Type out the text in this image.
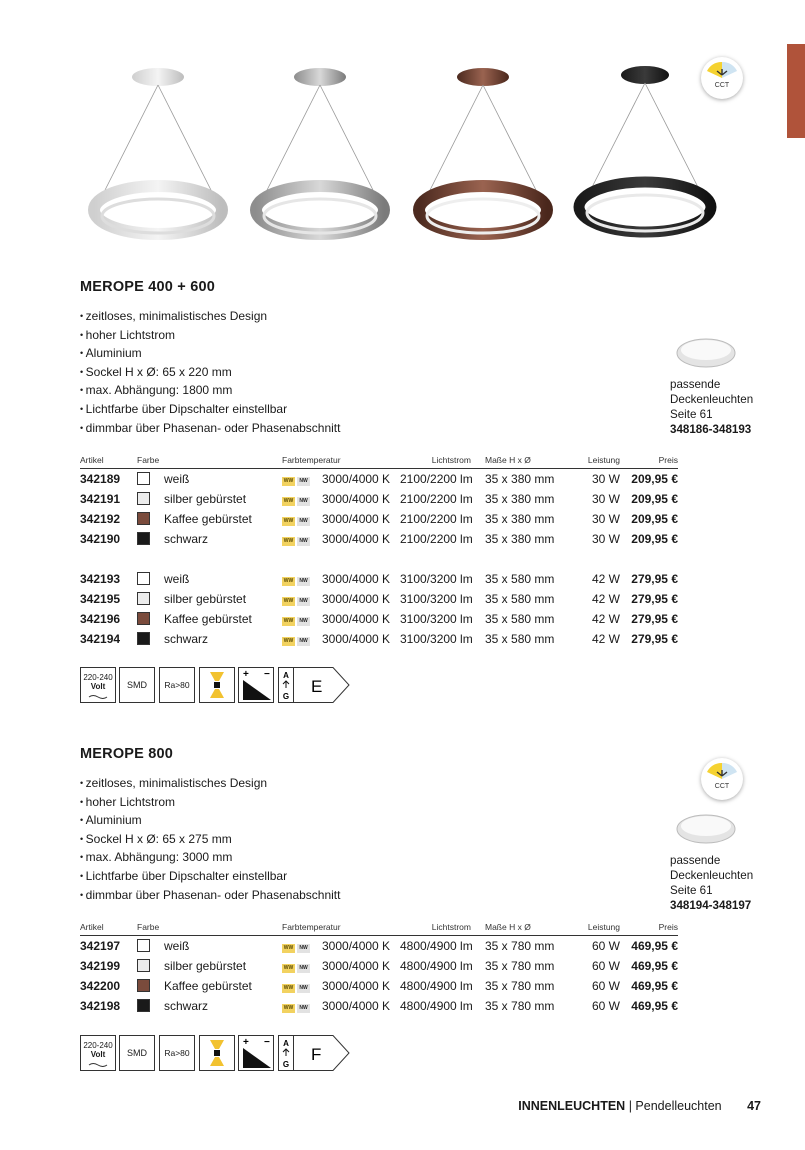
CCT
MEROPE 400 + 600
• zeitloses, minimalistisches Design
• hoher Lichtstrom
• Aluminium
• Sockel H x Ø: 65 x 220 mm
• max. Abhängung: 1800 mm
• Lichtfarbe über Dipschalter einstellbar
• dimmbar über Phasenan- oder Phasenabschnitt
passende
Deckenleuchten
Seite 61
348186-348193
Artikel	Farbe		Farbtemperatur		Lichtstrom	Maße H x Ø	Leistung	Preis
342189		weiß	WW NW	3000/4000 K	2100/2200 lm	35 x 380 mm	30 W	209,95 €
342191		silber gebürstet	WW NW	3000/4000 K	2100/2200 lm	35 x 380 mm	30 W	209,95 €
342192		Kaffee gebürstet	WW NW	3000/4000 K	2100/2200 lm	35 x 380 mm	30 W	209,95 €
342190		schwarz	WW NW	3000/4000 K	2100/2200 lm	35 x 380 mm	30 W	209,95 €

342193		weiß	WW NW	3000/4000 K	3100/3200 lm	35 x 580 mm	42 W	279,95 €
342195		silber gebürstet	WW NW	3000/4000 K	3100/3200 lm	35 x 580 mm	42 W	279,95 €
342196		Kaffee gebürstet	WW NW	3000/4000 K	3100/3200 lm	35 x 580 mm	42 W	279,95 €
342194		schwarz	WW NW	3000/4000 K	3100/3200 lm	35 x 580 mm	42 W	279,95 €
220-240
Volt	SMD	Ra>80
+ − A
G
E
MEROPE 800
CCT
• zeitloses, minimalistisches Design
• hoher Lichtstrom
• Aluminium
• Sockel H x Ø: 65 x 275 mm
• max. Abhängung: 3000 mm
• Lichtfarbe über Dipschalter einstellbar
• dimmbar über Phasenan- oder Phasenabschnitt
passende
Deckenleuchten
Seite 61
348194-348197
Artikel	Farbe		Farbtemperatur		Lichtstrom	Maße H x Ø	Leistung	Preis
342197		weiß	WW NW	3000/4000 K	4800/4900 lm	35 x 780 mm	60 W	469,95 €
342199		silber gebürstet	WW NW	3000/4000 K	4800/4900 lm	35 x 780 mm	60 W	469,95 €
342200		Kaffee gebürstet	WW NW	3000/4000 K	4800/4900 lm	35 x 780 mm	60 W	469,95 €
342198		schwarz	WW NW	3000/4000 K	4800/4900 lm	35 x 780 mm	60 W	469,95 €
220-240
Volt	SMD	Ra>80
+ − A
G
F
INNENLEUCHTEN | Pendelleuchten 47
